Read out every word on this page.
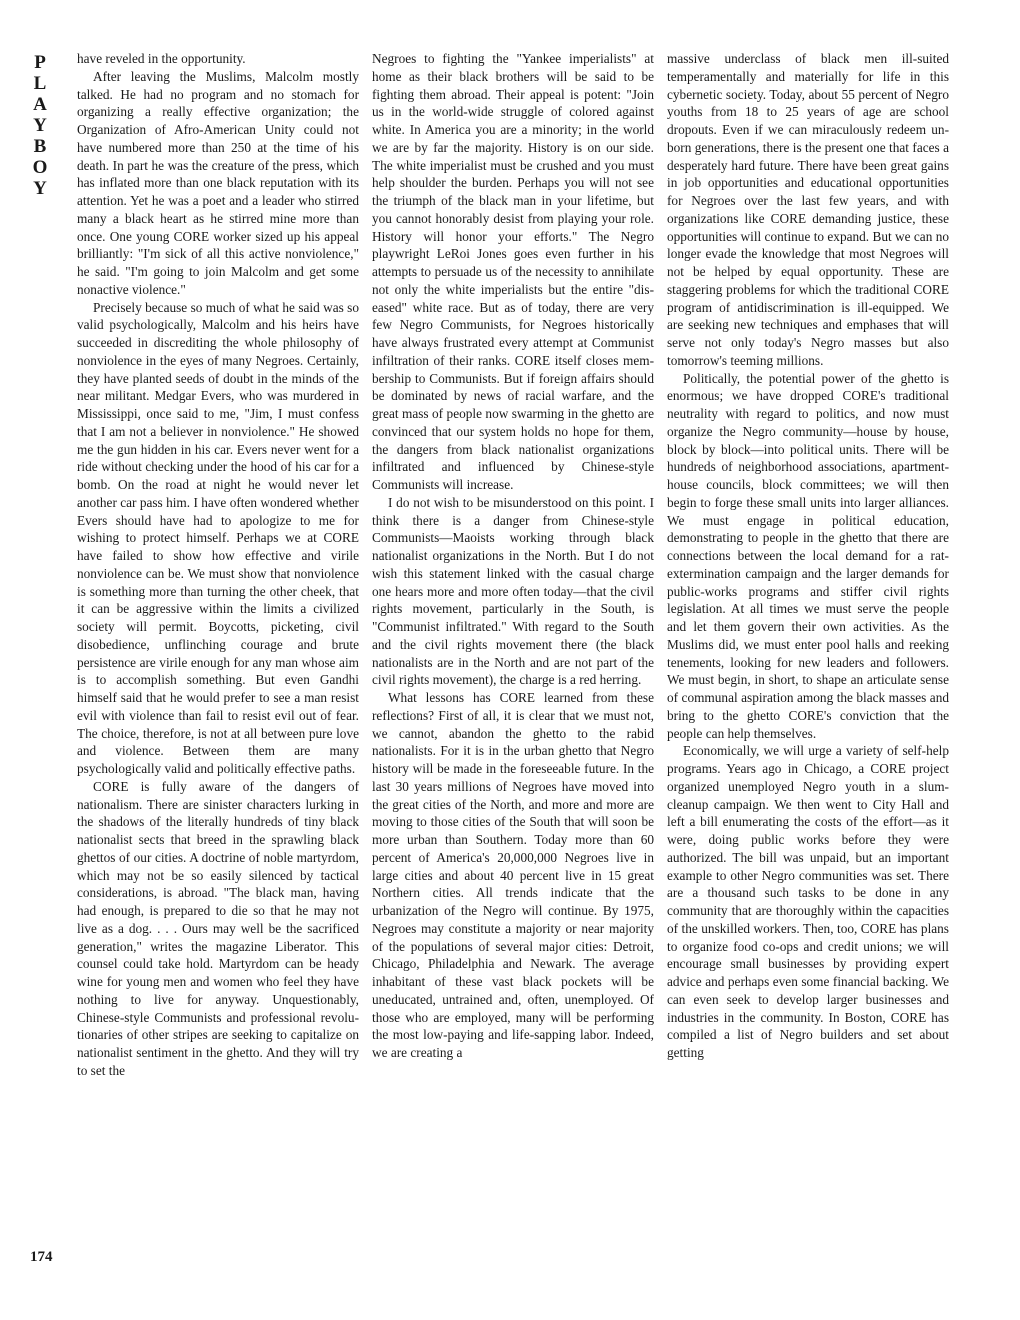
P
L
A
Y
B
O
Y
174

have reveled in the opportunity.

After leaving the Muslims, Malcolm mostly talked. He had no program and no stomach for organizing a really effective organization; the Organization of Afro-American Unity could not have numbered more than 250 at the time of his death. In part he was the creature of the press, which has inflated more than one black reputation with its attention. Yet he was a poet and a leader who stirred many a black heart as he stirred mine more than once. One young CORE worker sized up his appeal brilliantly: "I'm sick of all this active nonviolence," he said. "I'm going to join Malcolm and get some nonactive violence."

Precisely because so much of what he said was so valid psychologically, Malcolm and his heirs have succeeded in discrediting the whole philosophy of nonviolence in the eyes of many Negroes. Certainly, they have planted seeds of doubt in the minds of the near militant. Medgar Evers, who was murdered in Mississippi, once said to me, "Jim, I must confess that I am not a believer in nonviolence." He showed me the gun hidden in his car. Evers never went for a ride without checking under the hood of his car for a bomb. On the road at night he would never let another car pass him. I have often wondered whether Evers should have had to apologize to me for wishing to protect himself. Perhaps we at CORE have failed to show how effective and virile nonviolence can be. We must show that nonviolence is something more than turning the other cheek, that it can be aggressive within the limits a civilized society will permit. Boycotts, picketing, civil disobedience, unflinching courage and brute persistence are virile enough for any man whose aim is to accomplish something. But even Gandhi himself said that he would prefer to see a man resist evil with violence than fail to resist evil out of fear. The choice, therefore, is not at all between pure love and violence. Between them are many psychologically valid and politically effective paths.

CORE is fully aware of the dangers of nationalism. There are sinister characters lurking in the shadows of the literally hundreds of tiny black nationalist sects that breed in the sprawling black ghettos of our cities. A doctrine of noble martyrdom, which may not be so easily silenced by tactical considerations, is abroad. "The black man, having had enough, is prepared to die so that he may not live as a dog. . . . Ours may well be the sacrificed generation," writes the magazine Liberator. This counsel could take hold. Martyrdom can be heady wine for young men and women who feel they have nothing to live for anyway. Unquestionably, Chinese-style Communists and professional revolutionaries of other stripes are seeking to capitalize on nationalist sentiment in the ghetto. And they will try to set the

Negroes to fighting the "Yankee imperialists" at home as their black brothers will be said to be fighting them abroad. Their appeal is potent: "Join us in the world-wide struggle of colored against white. In America you are a minority; in the world we are by far the majority. History is on our side. The white imperialist must be crushed and you must help shoulder the burden. Perhaps you will not see the triumph of the black man in your lifetime, but you cannot honorably desist from playing your role. History will honor your efforts." The Negro playwright LeRoi Jones goes even further in his attempts to persuade us of the necessity to annihilate not only the white imperialists but the entire "diseased" white race. But as of today, there are very few Negro Communists, for Negroes historically have always frustrated every attempt at Communist infiltration of their ranks. CORE itself closes membership to Communists. But if foreign affairs should be dominated by news of racial warfare, and the great mass of people now swarming in the ghetto are convinced that our system holds no hope for them, the dangers from black nationalist organizations infiltrated and influenced by Chinese-style Communists will increase.

I do not wish to be misunderstood on this point. I think there is a danger from Chinese-style Communists—Maoists working through black nationalist organizations in the North. But I do not wish this statement linked with the casual charge one hears more and more often today—that the civil rights movement, particularly in the South, is "Communist infiltrated." With regard to the South and the civil rights movement there (the black nationalists are in the North and are not part of the civil rights movement), the charge is a red herring.

What lessons has CORE learned from these reflections? First of all, it is clear that we must not, we cannot, abandon the ghetto to the rabid nationalists. For it is in the urban ghetto that Negro history will be made in the foreseeable future. In the last 30 years millions of Negroes have moved into the great cities of the North, and more and more are moving to those cities of the South that will soon be more urban than Southern. Today more than 60 percent of America's 20,000,000 Negroes live in large cities and about 40 percent live in 15 great Northern cities. All trends indicate that the urbanization of the Negro will continue. By 1975, Negroes may constitute a majority or near majority of the populations of several major cities: Detroit, Chicago, Philadelphia and Newark. The average inhabitant of these vast black pockets will be uneducated, untrained and, often, unemployed. Of those who are employed, many will be performing the most low-paying and life-sapping labor. Indeed, we are creating a

massive underclass of black men ill-suited temperamentally and materially for life in this cybernetic society. Today, about 55 percent of Negro youths from 18 to 25 years of age are school dropouts. Even if we can miraculously redeem unborn generations, there is the present one that faces a desperately hard future. There have been great gains in job opportunities and educational opportunities for Negroes over the last few years, and with organizations like CORE demanding justice, these opportunities will continue to expand. But we can no longer evade the knowledge that most Negroes will not be helped by equal opportunity. These are staggering problems for which the traditional CORE program of antidiscrimination is ill-equipped. We are seeking new techniques and emphases that will serve not only today's Negro masses but also tomorrow's teeming millions.

Politically, the potential power of the ghetto is enormous; we have dropped CORE's traditional neutrality with regard to politics, and now must organize the Negro community—house by house, block by block—into political units. There will be hundreds of neighborhood associations, apartment-house councils, block committees; we will then begin to forge these small units into larger alliances. We must engage in political education, demonstrating to people in the ghetto that there are connections between the local demand for a rat-extermination campaign and the larger demands for public-works programs and stiffer civil rights legislation. At all times we must serve the people and let them govern their own activities. As the Muslims did, we must enter pool halls and reeking tenements, looking for new leaders and followers. We must begin, in short, to shape an articulate sense of communal aspiration among the black masses and bring to the ghetto CORE's conviction that the people can help themselves.

Economically, we will urge a variety of self-help programs. Years ago in Chicago, a CORE project organized unemployed Negro youth in a slum-cleanup campaign. We then went to City Hall and left a bill enumerating the costs of the effort—as it were, doing public works before they were authorized. The bill was unpaid, but an important example to other Negro communities was set. There are a thousand such tasks to be done in any community that are thoroughly within the capacities of the unskilled workers. Then, too, CORE has plans to organize food co-ops and credit unions; we will encourage small businesses by providing expert advice and perhaps even some financial backing. We can even seek to develop larger businesses and industries in the community. In Boston, CORE has compiled a list of Negro builders and set about getting
